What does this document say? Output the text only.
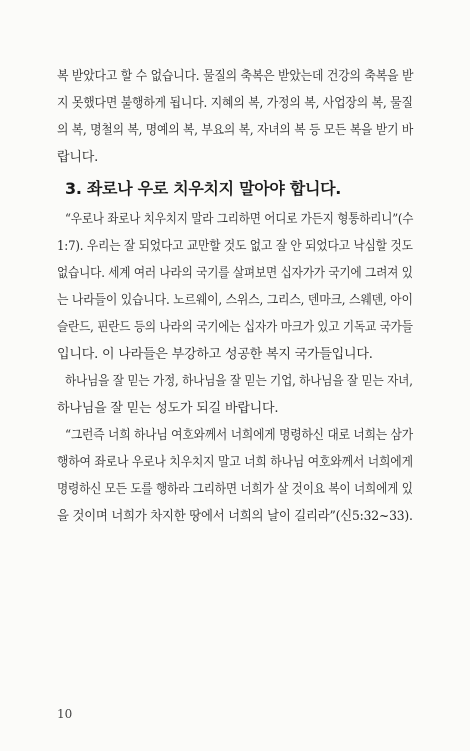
복 받았다고 할 수 없습니다. 물질의 축복은 받았는데 건강의 축복을 받
지 못했다면 불행하게 됩니다. 지혜의 복, 가정의 복, 사업장의 복, 물질
의 복, 명철의 복, 명예의 복, 부요의 복, 자녀의 복 등 모든 복을 받기 바
랍니다.
3. 좌로나 우로 치우치지 말아야 합니다.
“우로나 좌로나 치우치지 말라 그리하면 어디로 가든지 형통하리니”(수
1:7). 우리는 잘 되었다고 교만할 것도 없고 잘 안 되었다고 낙심할 것도
없습니다. 세계 여러 나라의 국기를 살펴보면 십자가가 국기에 그려져 있
는 나라들이 있습니다. 노르웨이, 스위스, 그리스, 덴마크, 스웨덴, 아이
슬란드, 핀란드 등의 나라의 국기에는 십자가 마크가 있고 기독교 국가들
입니다. 이 나라들은 부강하고 성공한 복지 국가들입니다.
하나님을 잘 믿는 가정, 하나님을 잘 믿는 기업, 하나님을 잘 믿는 자녀,
하나님을 잘 믿는 성도가 되길 바랍니다.
“그런즉 너희 하나님 여호와께서 너희에게 명령하신 대로 너희는 삼가
행하여 좌로나 우로나 치우치지 말고 너희 하나님 여호와께서 너희에게
명령하신 모든 도를 행하라 그리하면 너희가 살 것이요 복이 너희에게 있
을 것이며 너희가 차지한 땅에서 너희의 날이 길리라”(신5:32~33).
10
